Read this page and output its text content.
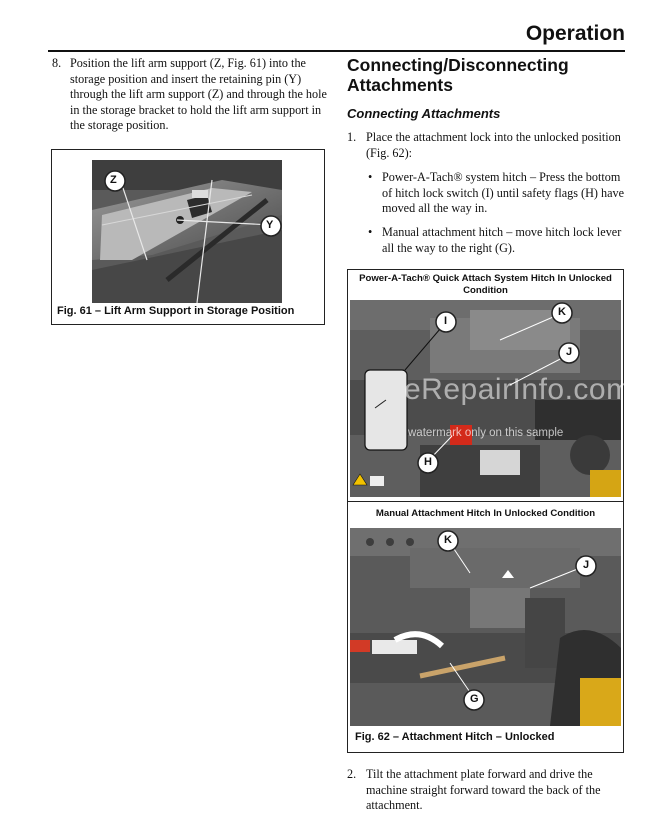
Operation
8. Position the lift arm support (Z, Fig. 61) into the storage position and insert the retaining pin (Y) through the lift arm support (Z) and through the hole in the storage bracket to hold the lift arm support in the storage position.
Z
Y
Fig. 61 – Lift Arm Support in Storage Position
Connecting/Disconnecting Attachments
Connecting Attachments
1. Place the attachment lock into the unlocked position (Fig. 62):
• Power-A-Tach® system hitch – Press the bottom of hitch lock switch (I) until safety flags (H) have moved all the way in.
• Manual attachment hitch – move hitch lock lever all the way to the right (G).
Power-A-Tach® Quick Attach System Hitch In Unlocked Condition
I
K
J
H
Manual Attachment Hitch In Unlocked Condition
K
J
G
Fig. 62 – Attachment Hitch – Unlocked
eRepairInfo.com
watermark only on this sample
2. Tilt the attachment plate forward and drive the machine straight forward toward the back of the attachment.
